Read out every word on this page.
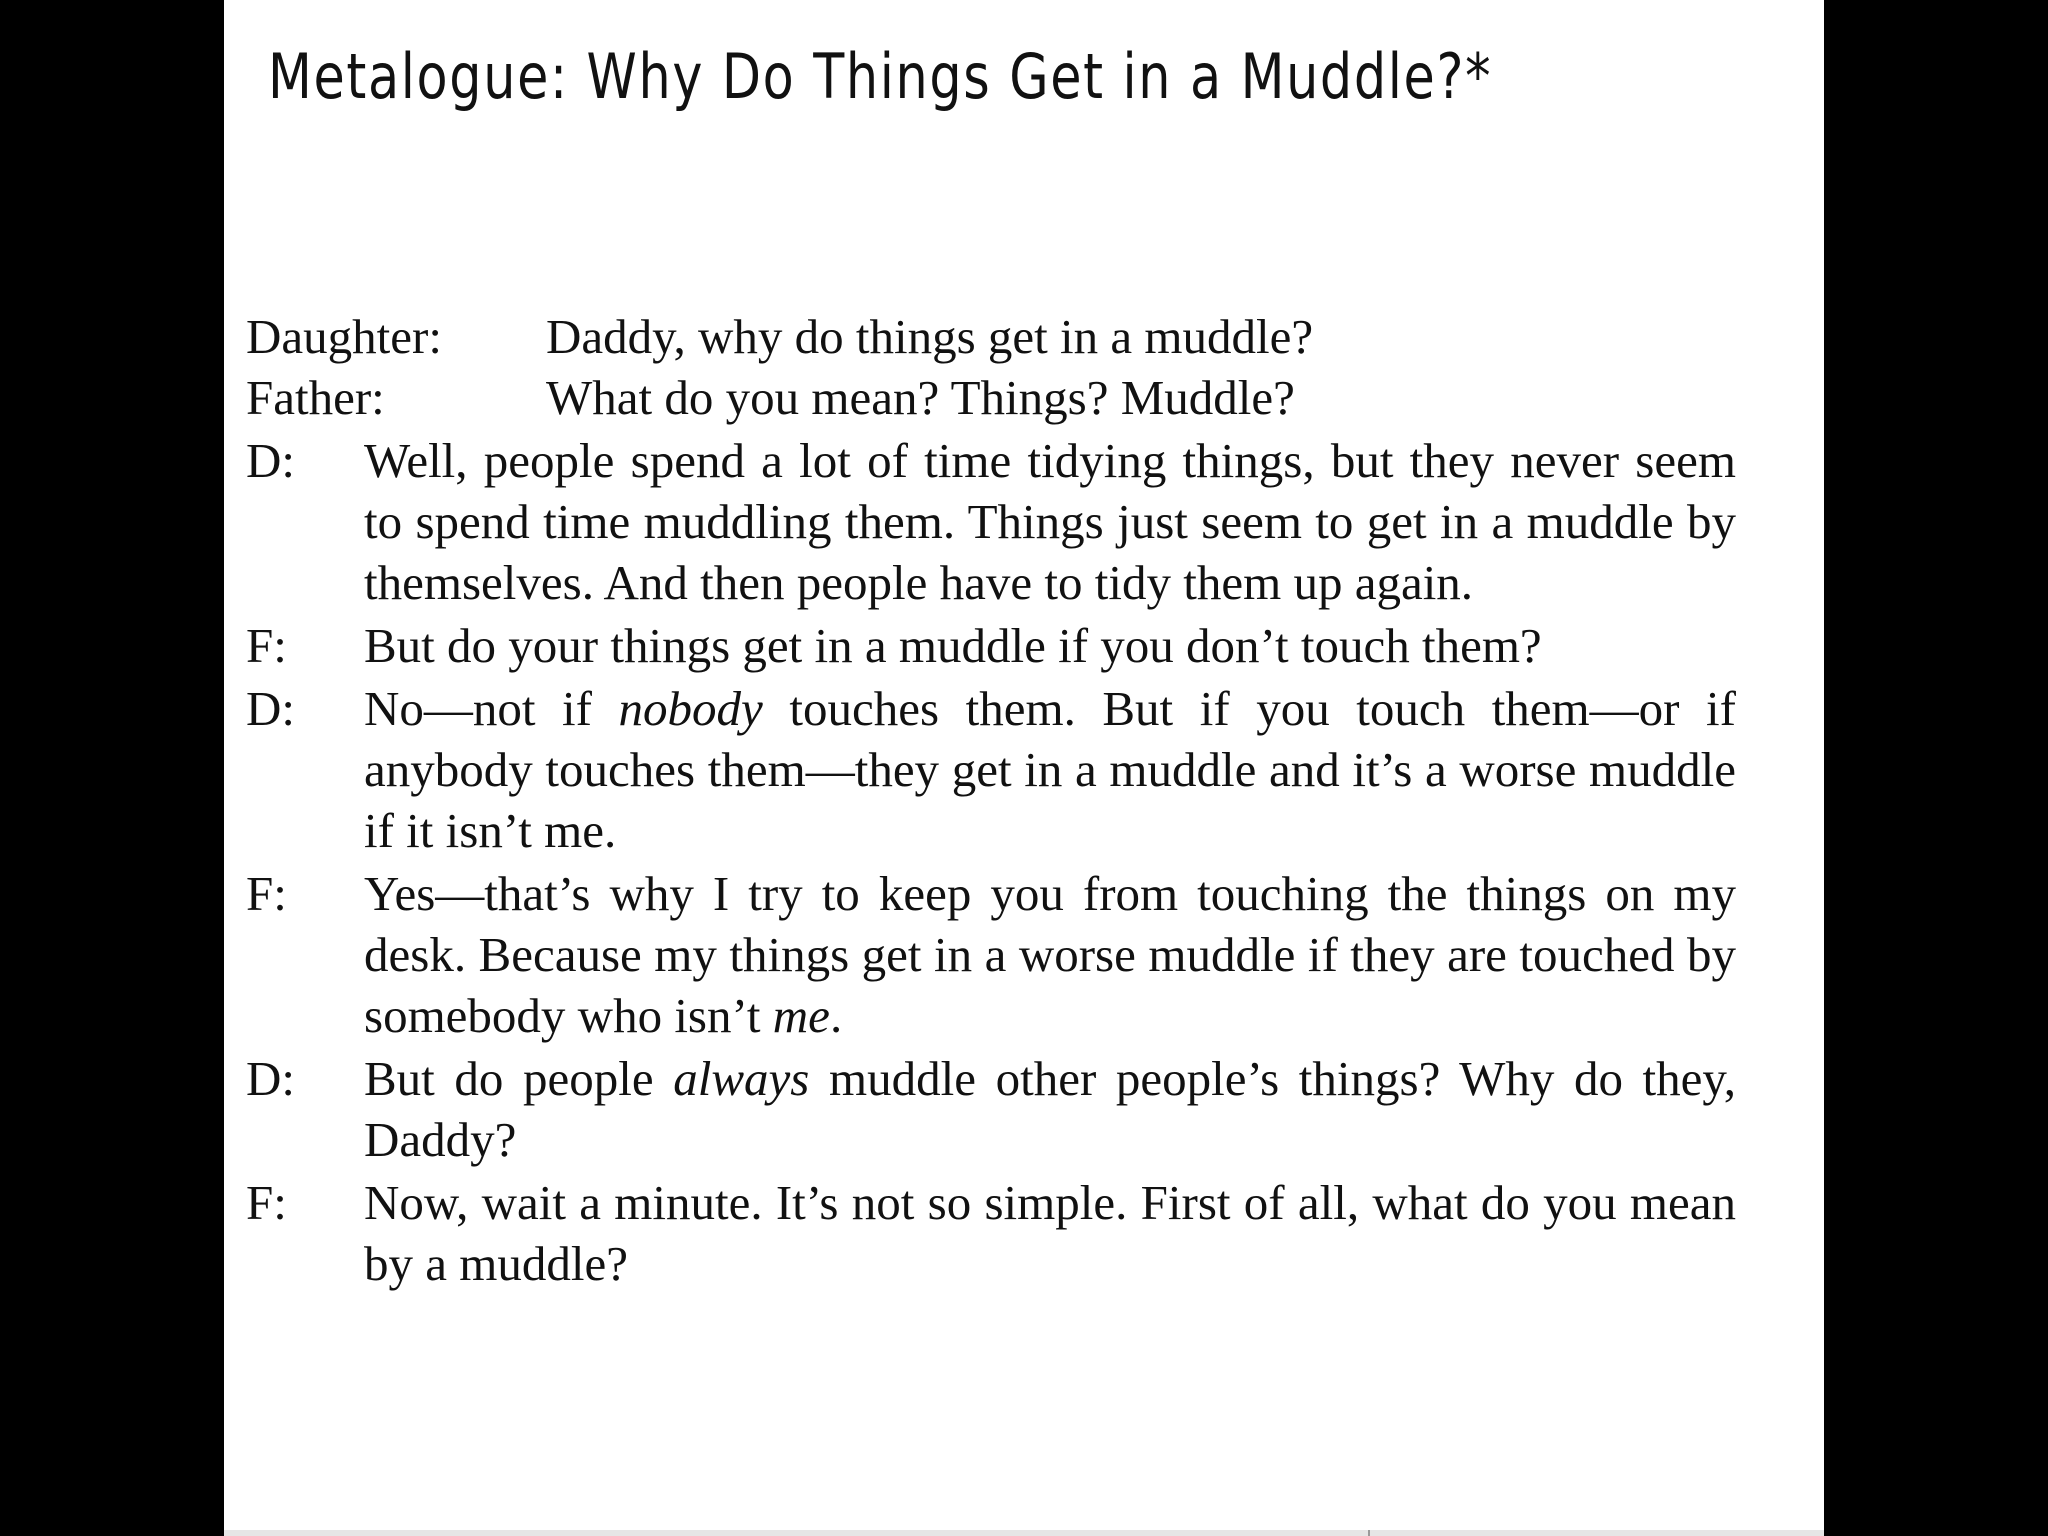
Metalogue: Why Do Things Get in a Muddle?*
Daughter:	Daddy, why do things get in a muddle?
Father:	What do you mean? Things? Muddle?
D:	Well, people spend a lot of time tidying things, but they never seem to spend time muddling them. Things just seem to get in a muddle by themselves. And then people have to tidy them up again.
F:	But do your things get in a muddle if you don’t touch them?
D:	No—not if nobody touches them. But if you touch them—or if anybody touches them—they get in a muddle and it’s a worse muddle if it isn’t me.
F:	Yes—that’s why I try to keep you from touching the things on my desk. Because my things get in a worse muddle if they are touched by somebody who isn’t me.
D:	But do people always muddle other people’s things? Why do they, Daddy?
F:	Now, wait a minute. It’s not so simple. First of all, what do you mean by a muddle?
